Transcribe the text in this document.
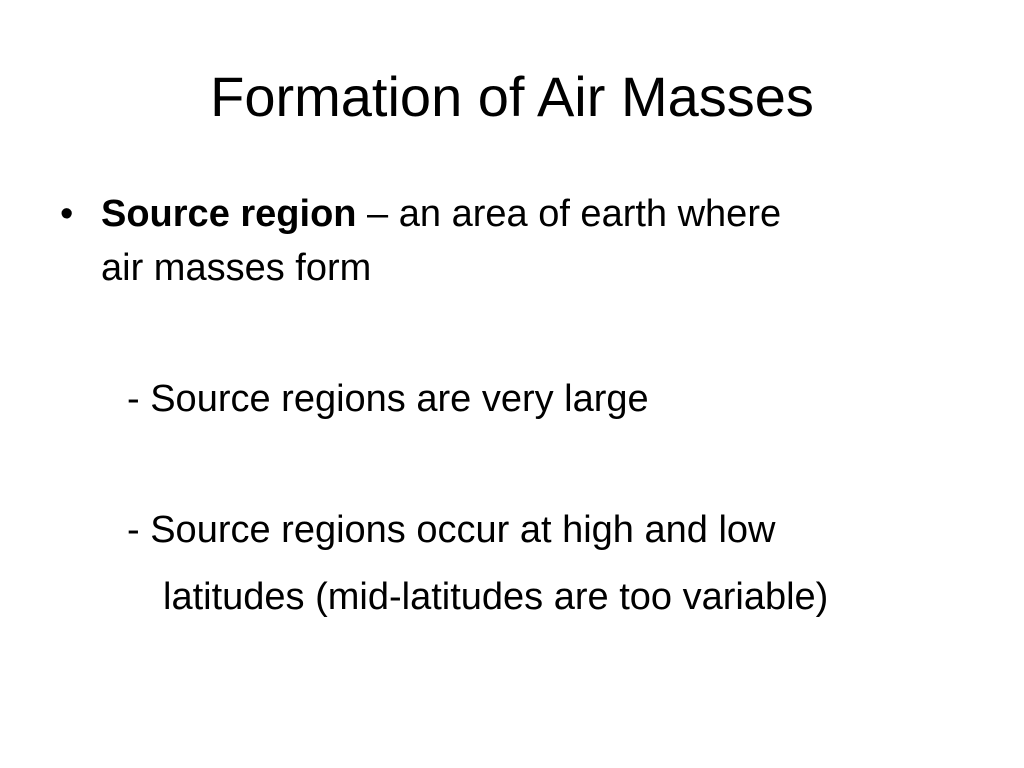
Formation of Air Masses
• Source region – an area of earth where
air masses form
- Source regions are very large
- Source regions occur at high and low
latitudes (mid-latitudes are too variable)
